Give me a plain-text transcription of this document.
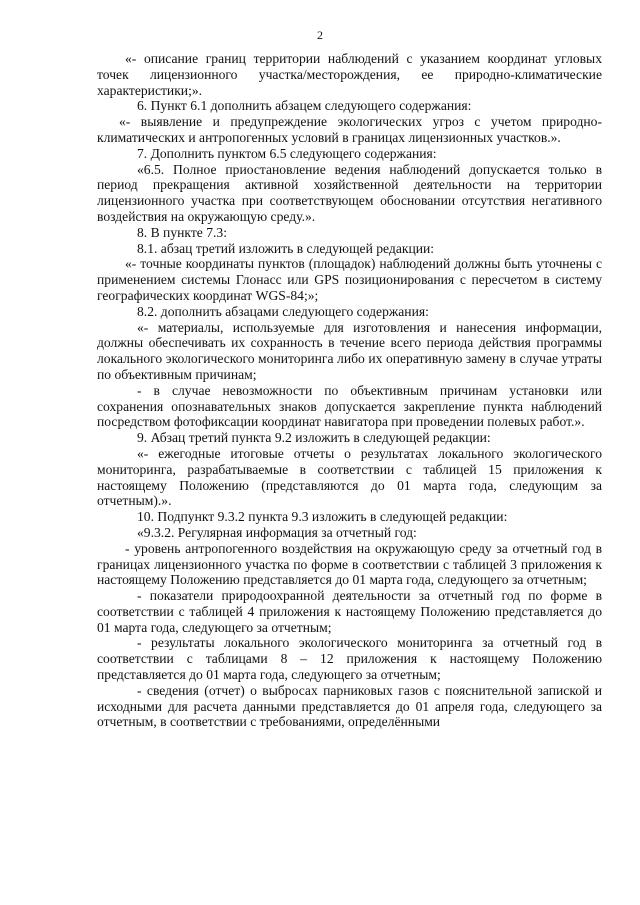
2

«- описание границ территории наблюдений с указанием координат угловых точек лицензионного участка/месторождения, ее природно-климатические характеристики;».

6. Пункт 6.1 дополнить абзацем следующего содержания:

«- выявление и предупреждение экологических угроз с учетом природно-климатических и антропогенных условий в границах лицензионных участков.».

7. Дополнить пунктом 6.5 следующего содержания:

«6.5. Полное приостановление ведения наблюдений допускается только в период прекращения активной хозяйственной деятельности на территории лицензионного участка при соответствующем обосновании отсутствия негативного воздействия на окружающую среду.».

8. В пункте 7.3:

8.1. абзац третий изложить в следующей редакции:

«- точные координаты пунктов (площадок) наблюдений должны быть уточнены с применением системы Глонасс или GPS позиционирования с пересчетом в систему географических координат WGS-84;»;

8.2. дополнить абзацами следующего содержания:

«- материалы, используемые для изготовления и нанесения информации, должны обеспечивать их сохранность в течение всего периода действия программы локального экологического мониторинга либо их оперативную замену в случае утраты по объективным причинам;

- в случае невозможности по объективным причинам установки или сохранения опознавательных знаков допускается закрепление пункта наблюдений посредством фотофиксации координат навигатора при проведении полевых работ.».

9. Абзац третий пункта 9.2 изложить в следующей редакции:

«- ежегодные итоговые отчеты о результатах локального экологического мониторинга, разрабатываемые в соответствии с таблицей 15 приложения к настоящему Положению (представляются до 01 марта года, следующим за отчетным).».

10. Подпункт 9.3.2 пункта 9.3 изложить в следующей редакции:

«9.3.2. Регулярная информация за отчетный год:

- уровень антропогенного воздействия на окружающую среду за отчетный год в границах лицензионного участка по форме в соответствии с таблицей 3 приложения к настоящему Положению представляется до 01 марта года, следующего за отчетным;

- показатели природоохранной деятельности за отчетный год по форме в соответствии с таблицей 4 приложения к настоящему Положению представляется до 01 марта года, следующего за отчетным;

- результаты локального экологического мониторинга за отчетный год в соответствии с таблицами 8 – 12 приложения к настоящему Положению представляется до 01 марта года, следующего за отчетным;

- сведения (отчет) о выбросах парниковых газов с пояснительной запиской и исходными для расчета данными представляется до 01 апреля года, следующего за отчетным, в соответствии с требованиями, определёнными
